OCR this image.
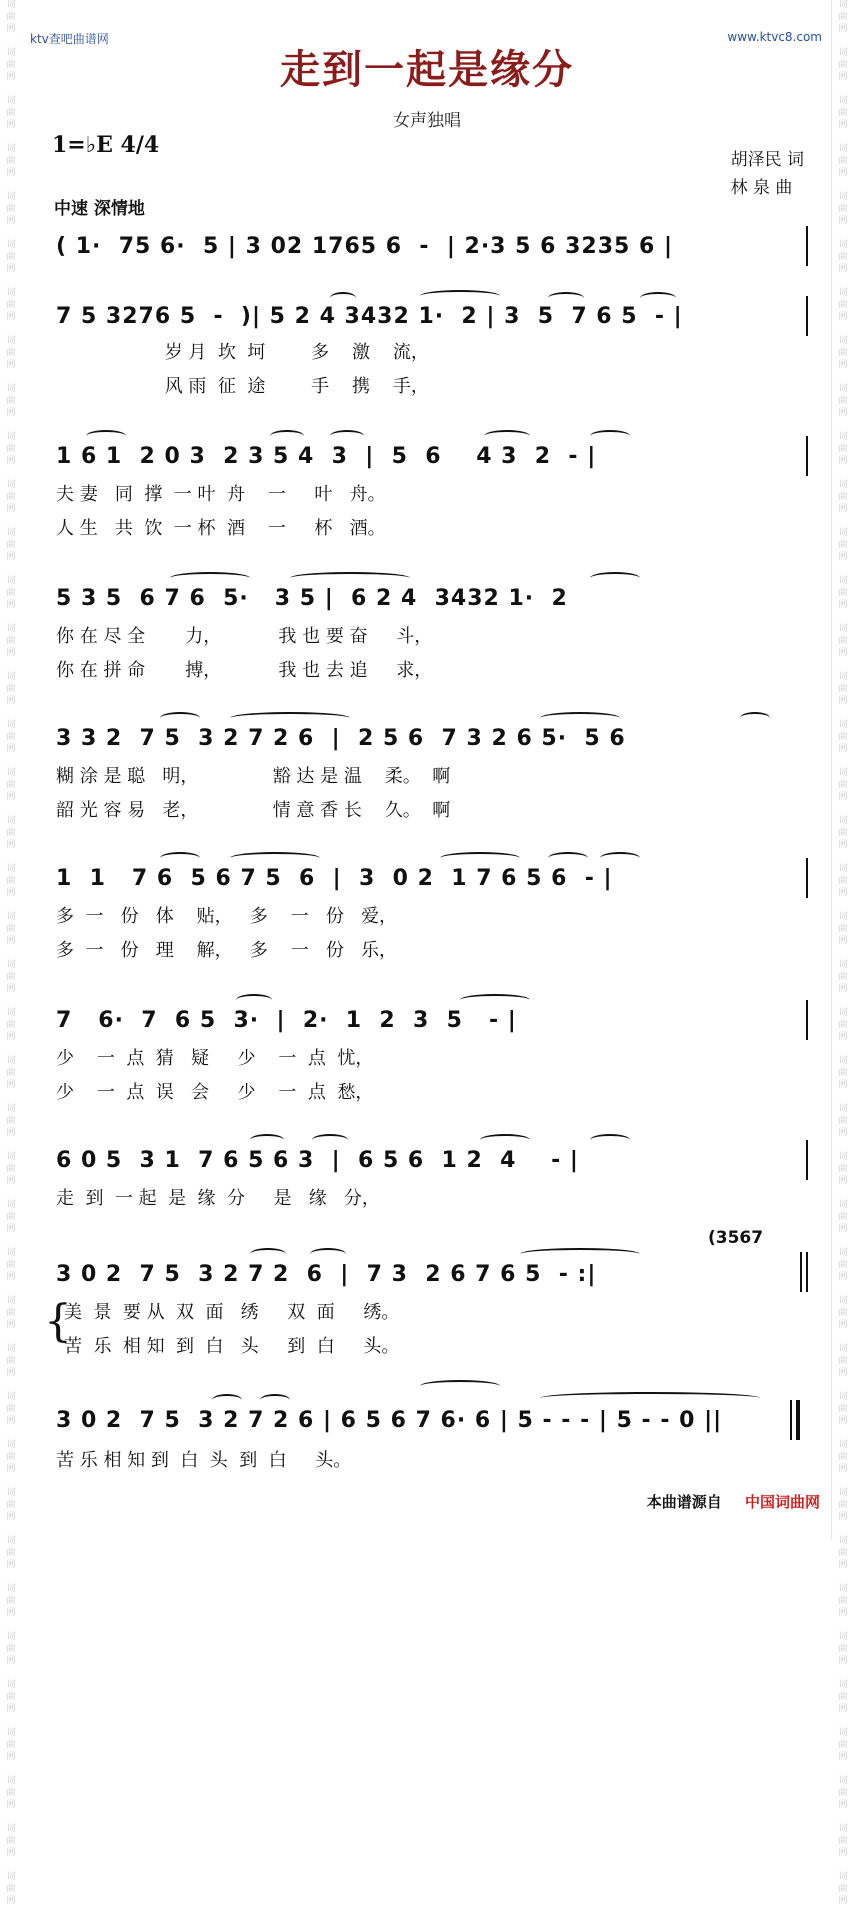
词
曲
网

词
曲
网

词
曲
网

词
曲
网

词
曲
网

词
曲
网

词
曲
网

词
曲
网

词
曲
网

词
曲
网

词
曲
网

词
曲
网

词
曲
网

词
曲
网

词
曲
网

词
曲
网

词
曲
网

词
曲
网

词
曲
网

词
曲
网

词
曲
网

词
曲
网

词
曲
网

词
曲
网

词
曲
网

词
曲
网

词
曲
网

词
曲
网

词
曲
网

词
曲
网

词
曲
网

词
曲
网

词
曲
网

词
曲
网

词
曲
网

词
曲
网

词
曲
网

词
曲
网

词
曲
网

词
曲
网

词
曲
网

词
曲
网

词
曲
网

词
曲
网

词
曲
网

词
曲
网

词
曲
网

词
曲
网

词
曲
网

词
曲
网

词
曲
网

词
曲
网

词
曲
网

词
曲
网

词
曲
网

词
曲
网

词
曲
网

词
曲
网

词
曲
网

词
曲
网

词
曲
网

词
曲
网

词
曲
网

词
曲
网

词
曲
网

词
曲
网

词
曲
网

词
曲
网

词
曲
网

词
曲
网

词
曲
网

词
曲
网

词
曲
网

词
曲
网

词
曲
网

词
曲
网

词
曲
网

词
曲
网

词
曲
网

词
曲
网

ktv查吧曲谱网	www.ktvc8.com
走到一起是缘分
女声独唱
1=♭E 4/4
胡泽民 词
林 泉 曲
中速 深情地
( 1·  75 6·  5 | 3 02 1765 6  -  | 2·3 5 6 3235 6 |
7 5 3276 5  -  )| 5 2 4 3432 1·  2 | 3  5  7 6 5  - |
岁 月  坎  坷        多    激    流，
风 雨  征  途        手    携    手，
1 6 1  2 0 3  2 3 5 4  3  |  5  6    4 3  2  - |
夫 妻   同  撑  一 叶  舟    一     叶   舟。
人 生   共  饮  一 杯  酒    一     杯   酒。
5 3 5  6 7 6  5·   3 5 |  6 2 4  3432 1·  2
你 在 尽 全       力，          我 也 要 奋     斗，
你 在 拼 命       搏，          我 也 去 追     求，
3 3 2  7 5  3 2 7 2 6  |  2 5 6  7 3 2 6 5·  5 6
糊 涂 是 聪   明，             豁 达 是 温    柔。  啊
韶 光 容 易   老，             情 意 香 长    久。  啊
1  1   7 6  5 6 7 5  6  |  3  0 2  1 7 6 5 6  - |
多  一   份   体    贴，   多    一   份   爱，
多  一   份   理    解，   多    一   份   乐，
7   6·  7  6 5  3·  |  2·  1  2  3  5   - |
少    一  点  猜   疑     少    一  点  忧，
少    一  点  误   会     少    一  点  愁，
6 0 5  3 1  7 6 5 6 3  |  6 5 6  1 2  4    - |
走  到  一 起  是  缘  分     是   缘   分，
(3567
3 0 2  7 5  3 2 7 2  6  |  7 3  2 6 7 6 5  - :|
{
美  景  要 从  双  面   绣     双  面     绣。
苦  乐  相 知  到  白   头     到  白     头。
3 0 2  7 5  3 2 7 2 6 | 6 5 6 7 6· 6 | 5 - - - | 5 - - 0 ||
苦 乐 相 知 到  白  头  到  白     头。
本曲谱源自 中国词曲网
